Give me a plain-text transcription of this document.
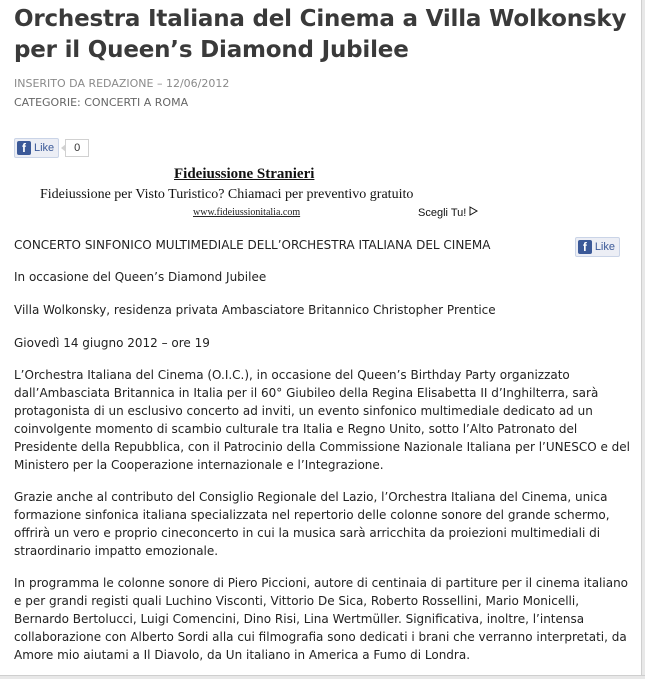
Orchestra Italiana del Cinema a Villa Wolkonsky per il Queen’s Diamond Jubilee
INSERITO DA REDAZIONE – 12/06/2012
CATEGORIE: CONCERTI A ROMA
f Like	0
Fideiussione Stranieri
Fideiussione per Visto Turistico? Chiamaci per preventivo gratuito
www.fideiussionitalia.com	Scegli Tu!

CONCERTO SINFONICO MULTIMEDIALE DELL’ORCHESTRA ITALIANA DEL CINEMA	f Like

In occasione del Queen’s Diamond Jubilee

Villa Wolkonsky, residenza privata Ambasciatore Britannico Christopher Prentice

Giovedì 14 giugno 2012 – ore 19

L’Orchestra Italiana del Cinema (O.I.C.), in occasione del Queen’s Birthday Party organizzato dall’Ambasciata Britannica in Italia per il 60° Giubileo della Regina Elisabetta II d’Inghilterra, sarà protagonista di un esclusivo concerto ad inviti, un evento sinfonico multimediale dedicato ad un coinvolgente momento di scambio culturale tra Italia e Regno Unito, sotto l’Alto Patronato del Presidente della Repubblica, con il Patrocinio della Commissione Nazionale Italiana per l’UNESCO e del Ministero per la Cooperazione internazionale e l’Integrazione.

Grazie anche al contributo del Consiglio Regionale del Lazio, l’Orchestra Italiana del Cinema, unica formazione sinfonica italiana specializzata nel repertorio delle colonne sonore del grande schermo, offrirà un vero e proprio cineconcerto in cui la musica sarà arricchita da proiezioni multimediali di straordinario impatto emozionale.

In programma le colonne sonore di Piero Piccioni, autore di centinaia di partiture per il cinema italiano e per grandi registi quali Luchino Visconti, Vittorio De Sica, Roberto Rossellini, Mario Monicelli, Bernardo Bertolucci, Luigi Comencini, Dino Risi, Lina Wertmüller. Significativa, inoltre, l’intensa collaborazione con Alberto Sordi alla cui filmografia sono dedicati i brani che verranno interpretati, da Amore mio aiutami a Il Diavolo, da Un italiano in America a Fumo di Londra.
